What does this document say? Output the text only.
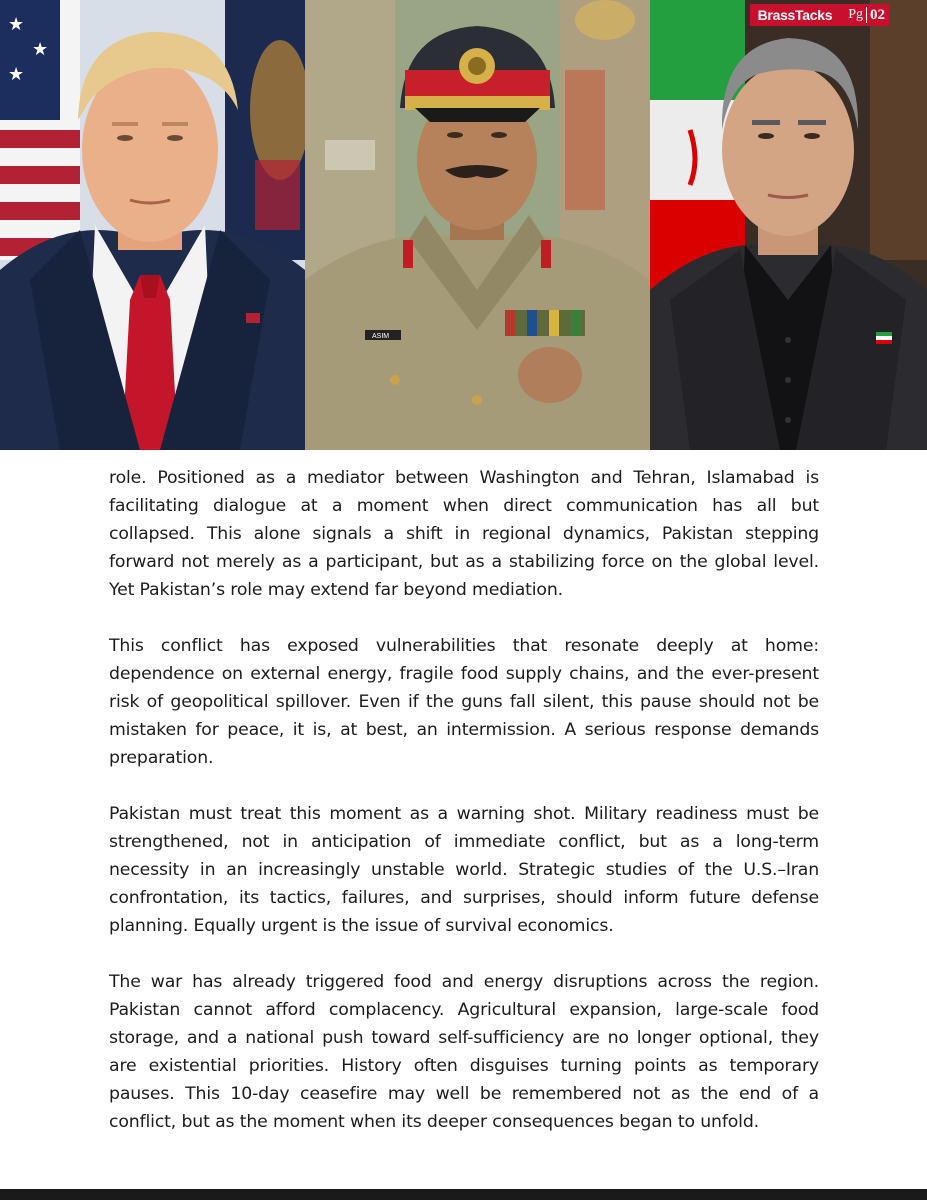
★
★
★
ASIM
BrassTacks Pg 02

role. Positioned as a mediator between Washington and Tehran, Islamabad is facilitating dialogue at a moment when direct communication has all but collapsed. This alone signals a shift in regional dynamics, Pakistan stepping forward not merely as a participant, but as a stabilizing force on the global level. Yet Pakistan’s role may extend far beyond mediation.

This conflict has exposed vulnerabilities that resonate deeply at home: dependence on external energy, fragile food supply chains, and the ever-present risk of geopolitical spillover. Even if the guns fall silent, this pause should not be mistaken for peace, it is, at best, an intermission. A serious response demands preparation.

Pakistan must treat this moment as a warning shot. Military readiness must be strengthened, not in anticipation of immediate conflict, but as a long-term necessity in an increasingly unstable world. Strategic studies of the U.S.–Iran confrontation, its tactics, failures, and surprises, should inform future defense planning. Equally urgent is the issue of survival economics.

The war has already triggered food and energy disruptions across the region. Pakistan cannot afford complacency. Agricultural expansion, large-scale food storage, and a national push toward self-sufficiency are no longer optional, they are existential priorities. History often disguises turning points as temporary pauses. This 10-day ceasefire may well be remembered not as the end of a conflict, but as the moment when its deeper consequences began to unfold.
